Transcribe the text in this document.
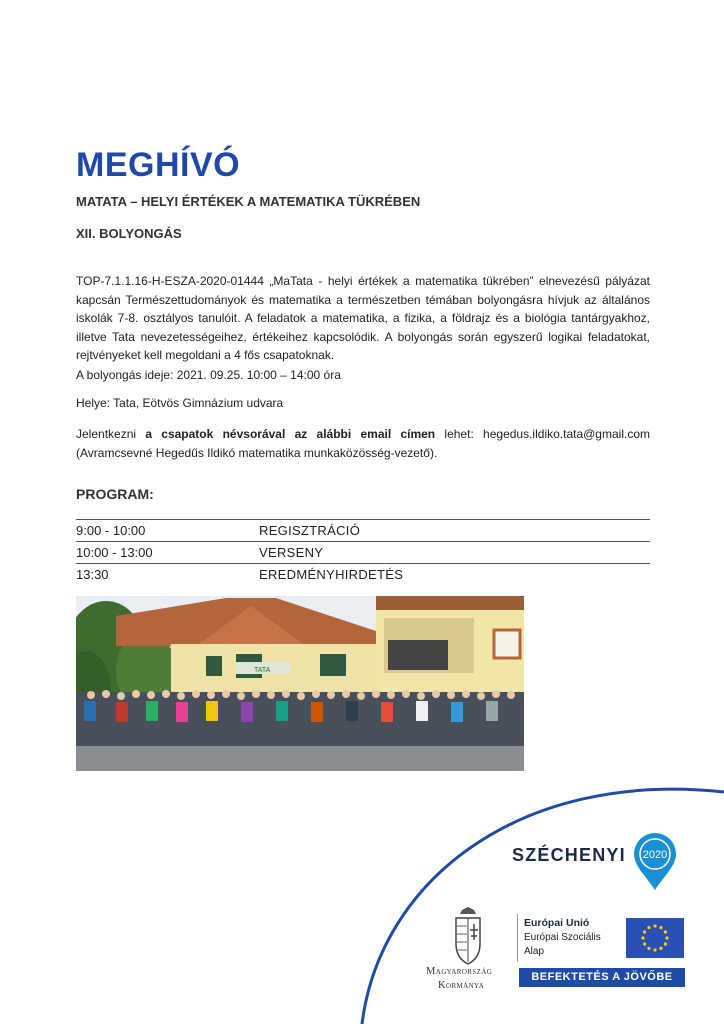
MEGHÍVÓ
MATATA – HELYI ÉRTÉKEK A MATEMATIKA TÜKRÉBEN
XII. BOLYONGÁS
TOP-7.1.1.16-H-ESZA-2020-01444 „MaTata - helyi értékek a matematika tükrében” elnevezésű pályázat kapcsán Természettudományok és matematika a természetben témában bolyongásra hívjuk az általános iskolák 7-8. osztályos tanulóit. A feladatok a matematika, a fizika, a földrajz és a biológia tantárgyakhoz, illetve Tata nevezetességeihez, értékeihez kapcsolódik. A bolyongás során egyszerű logikai feladatokat, rejtvényeket kell megoldani a 4 fős csapatoknak.
A bolyongás ideje: 2021. 09.25. 10:00 – 14:00 óra
Helye: Tata, Eötvös Gimnázium udvara
Jelentkezni a csapatok névsorával az alábbi email címen lehet: hegedus.ildiko.tata@gmail.com (Avramcsevné Hegedűs Ildikó matematika munkaközösség-vezető).
PROGRAM:
9:00 - 10:00	REGISZTRÁCIÓ
10:00 - 13:00	VERSENY
13:30	EREDMÉNYHIRDETÉS
TATA
SZÉCHENYI 2020
Magyarország
Kormánya
Európai Unió
Európai Szociális
Alap
BEFEKTETÉS A JÖVŐBE
